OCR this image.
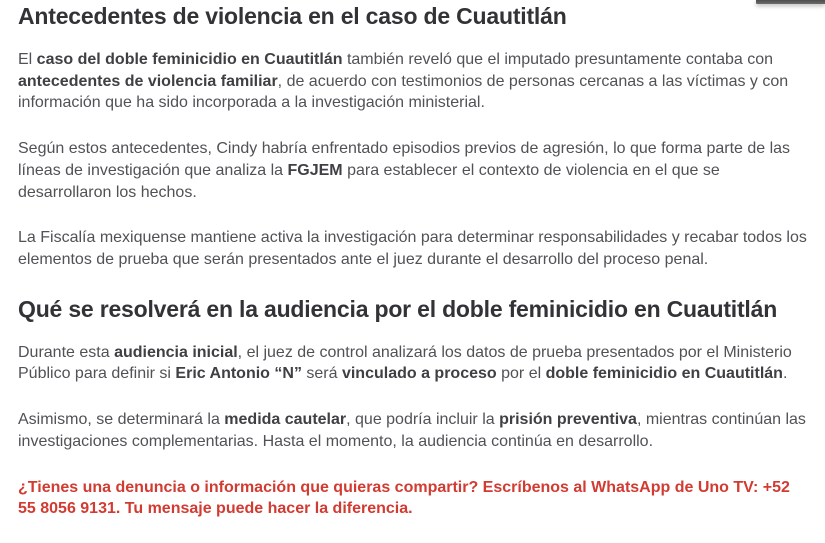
Antecedentes de violencia en el caso de Cuautitlán

El caso del doble feminicidio en Cuautitlán también reveló que el imputado presuntamente contaba con antecedentes de violencia familiar, de acuerdo con testimonios de personas cercanas a las víctimas y con información que ha sido incorporada a la investigación ministerial.

Según estos antecedentes, Cindy habría enfrentado episodios previos de agresión, lo que forma parte de las líneas de investigación que analiza la FGJEM para establecer el contexto de violencia en el que se desarrollaron los hechos.

La Fiscalía mexiquense mantiene activa la investigación para determinar responsabilidades y recabar todos los elementos de prueba que serán presentados ante el juez durante el desarrollo del proceso penal.

Qué se resolverá en la audiencia por el doble feminicidio en Cuautitlán

Durante esta audiencia inicial, el juez de control analizará los datos de prueba presentados por el Ministerio Público para definir si Eric Antonio “N” será vinculado a proceso por el doble feminicidio en Cuautitlán.

Asimismo, se determinará la medida cautelar, que podría incluir la prisión preventiva, mientras continúan las investigaciones complementarias. Hasta el momento, la audiencia continúa en desarrollo.

¿Tienes una denuncia o información que quieras compartir? Escríbenos al WhatsApp de Uno TV: +52 55 8056 9131. Tu mensaje puede hacer la diferencia.
